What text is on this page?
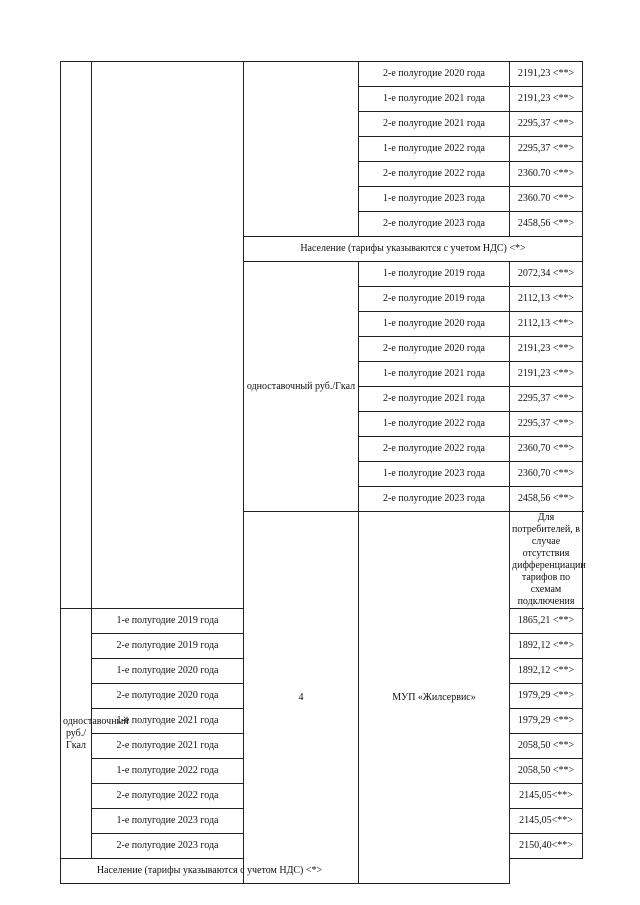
			2-е полугодие 2020 года	2191,23 <**>
			1-е полугодие 2021 года	2191,23 <**>
			2-е полугодие 2021 года	2295,37 <**>
			1-е полугодие 2022 года	2295,37 <**>
			2-е полугодие 2022 года	2360.70 <**>
			1-е полугодие 2023 года	2360.70 <**>
			2-е полугодие 2023 года	2458,56 <**>
		Население (тарифы указываются с учетом НДС) <*>		
		одноставочный руб./Гкал	1-е полугодие 2019 года	2072,34 <**>
			2-е полугодие 2019 года	2112,13 <**>
			1-е полугодие 2020 года	2112,13 <**>
			2-е полугодие 2020 года	2191,23 <**>
			1-е полугодие 2021 года	2191,23 <**>
			2-е полугодие 2021 года	2295,37 <**>
			1-е полугодие 2022 года	2295,37 <**>
			2-е полугодие 2022 года	2360,70 <**>
			1-е полугодие 2023 года	2360,70 <**>
			2-е полугодие 2023 года	2458,56 <**>
		4	МУП «Жилсервис»	Для потребителей, в случае отсутствия дифференциации тарифов по схемам подключения
одноставочный руб./Гкал	1-е полугодие 2019 года			1865,21 <**>
	2-е полугодие 2019 года			1892,12 <**>
	1-е полугодие 2020 года			1892,12 <**>
	2-е полугодие 2020 года			1979,29 <**>
	1-е полугодие 2021 года			1979,29 <**>
	2-е полугодие 2021 года			2058,50 <**>
	1-е полугодие 2022 года			2058,50 <**>
	2-е полугодие 2022 года			2145,05<**>
	1-е полугодие 2023 года			2145,05<**>
	2-е полугодие 2023 года			2150,40<**>
Население (тарифы указываются с учетом НДС) <*>				
